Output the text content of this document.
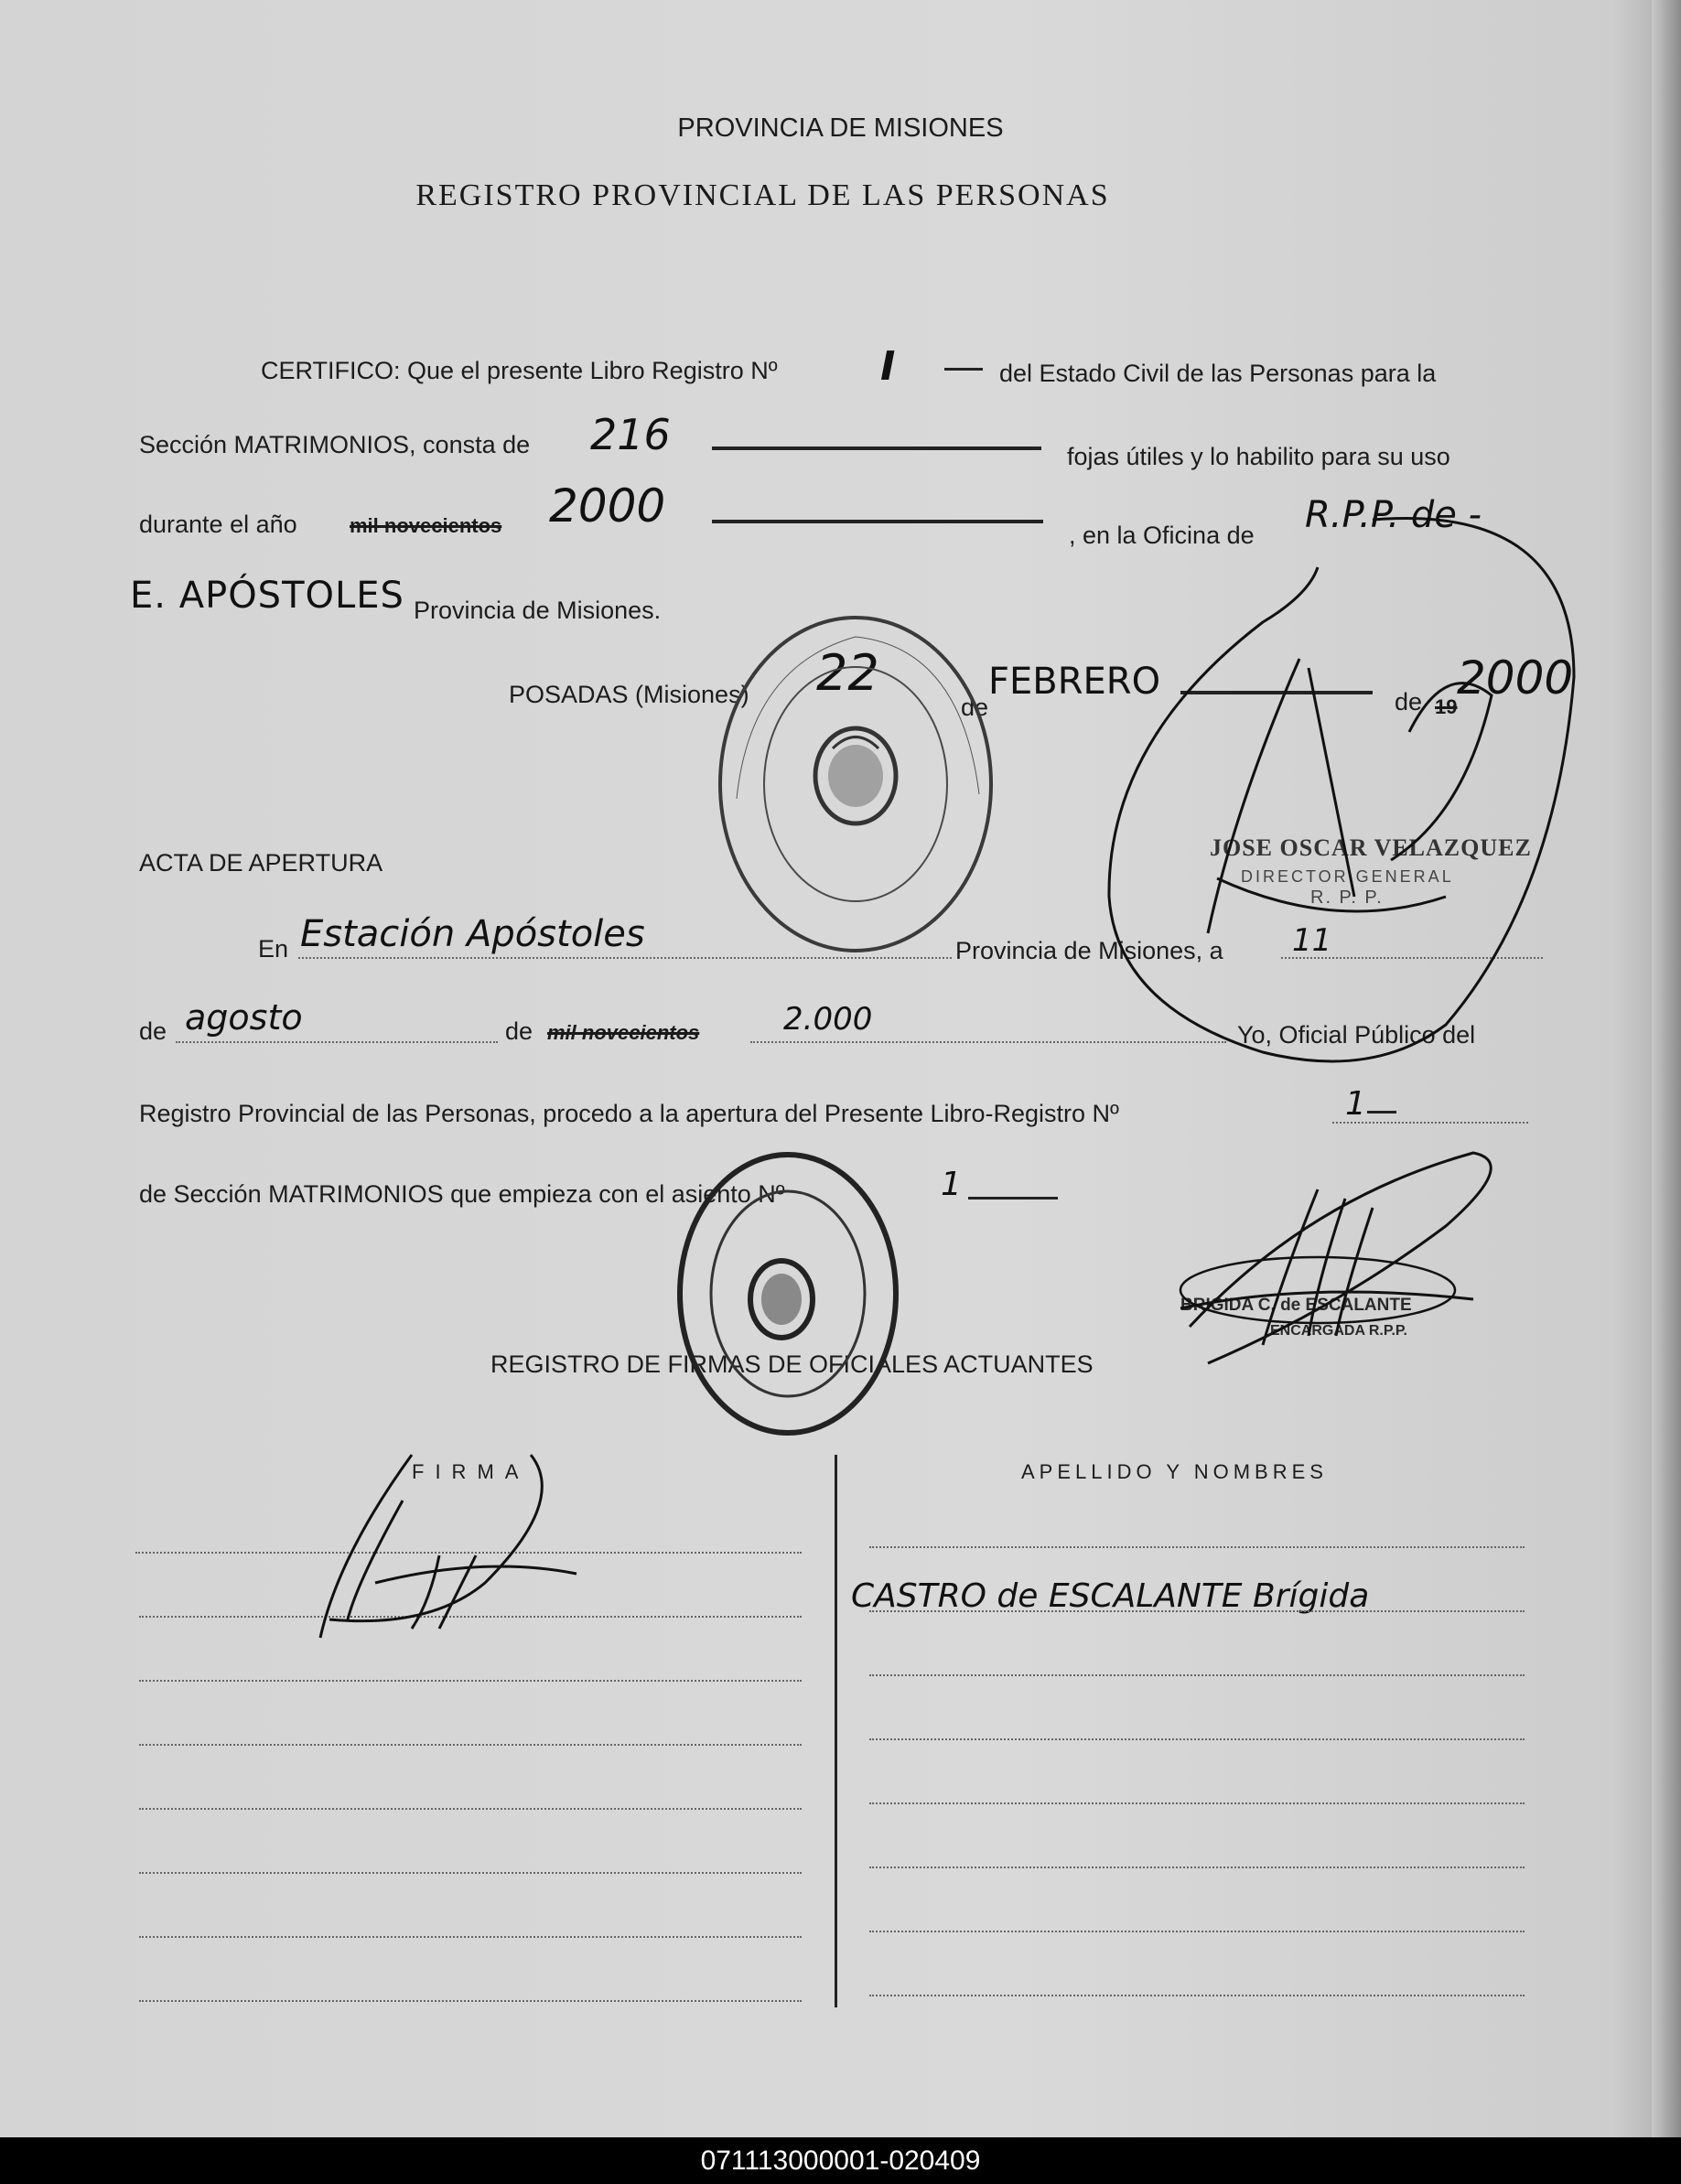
PROVINCIA DE MISIONES
REGISTRO PROVINCIAL DE LAS PERSONAS
CERTIFICO: Que el presente Libro Registro Nº	I	del Estado Civil de las Personas para la
Sección MATRIMONIOS, consta de 216	fojas útiles y lo habilito para su uso
durante el año	mil novecientos 2000
, en la Oficina de R.P.P. de -
E. APÓSTOLES Provincia de Misiones.
POSADAS (Misiones) 22
de
FEBRERO	de 19
2000
JOSE OSCAR VELAZQUEZ
DIRECTOR GENERAL
R. P. P.
ACTA DE APERTURA
En Estación Apóstoles	Provincia de Misiones, a 11
de agosto	de mil novecientos	2.000	Yo, Oficial Público del
Registro Provincial de las Personas, procedo a la apertura del Presente Libro-Registro Nº	1
de Sección MATRIMONIOS que empieza con el asiento Nº	1
BRIGIDA C. de ESCALANTE
ENCARGADA R.P.P.
REGISTRO DE FIRMAS DE OFICIALES ACTUANTES
FIRMA	APELLIDO Y NOMBRES
CASTRO de ESCALANTE Brígida
071113000001-020409
